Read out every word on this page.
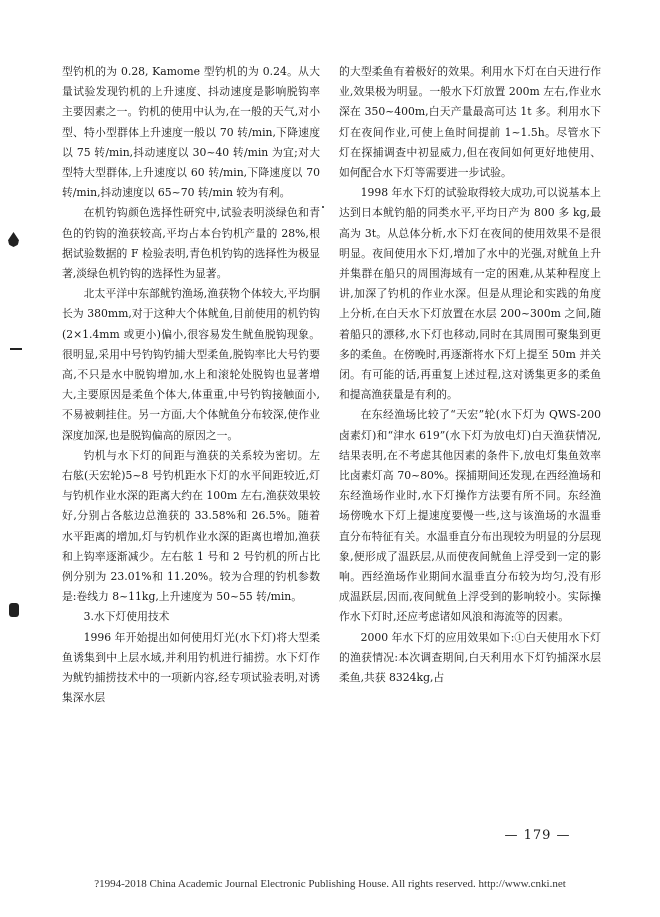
型钓机的为 0.28, Kamome 型钓机的为 0.24。从大量试验发现钓机的上升速度、抖动速度是影响脱钩率主要因素之一。钓机的使用中认为,在一般的天气,对小型、特小型群体上升速度一般以 70 转/min,下降速度以 75 转/min,抖动速度以 30~40 转/min 为宜;对大型特大型群体,上升速度以 60 转/min,下降速度以 70 转/min,抖动速度以 65~70 转/min 较为有利。

在机钓钩颜色选择性研究中,试验表明淡绿色和青色的钓钩的渔获较高,平均占本台钓机产量的 28%,根据试验数据的 F 检验表明,青色机钓钩的选择性为极显著,淡绿色机钓钩的选择性为显著。

北太平洋中东部鱿钓渔场,渔获物个体较大,平均胴长为 380mm,对于这种大个体鱿鱼,目前使用的机钓钩(2×1.4mm 或更小)偏小,很容易发生鱿鱼脱钩现象。很明显,采用中号钓钩钓捕大型柔鱼,脱钩率比大号钓要高,不只是水中脱钩增加,水上和滚轮处脱钩也显著增大,主要原因是柔鱼个体大,体重重,中号钓钩接触面小,不易被刺挂住。另一方面,大个体鱿鱼分布较深,使作业深度加深,也是脱钩偏高的原因之一。

钓机与水下灯的间距与渔获的关系较为密切。左右舷(天宏轮)5~8 号钓机距水下灯的水平间距较近,灯与钓机作业水深的距离大约在 100m 左右,渔获效果较好,分别占各舷边总渔获的 33.58%和 26.5%。随着水平距离的增加,灯与钓机作业水深的距离也增加,渔获和上钩率逐渐减少。左右舷 1 号和 2 号钓机的所占比例分别为 23.01%和 11.20%。较为合理的钓机参数是:卷线力 8~11kg,上升速度为 50~55 转/min。

3.水下灯使用技术

1996 年开始提出如何使用灯光(水下灯)将大型柔鱼诱集到中上层水域,并利用钓机进行捕捞。水下灯作为鱿钓捕捞技术中的一项新内容,经专项试验表明,对诱集深水层

的大型柔鱼有着极好的效果。利用水下灯在白天进行作业,效果极为明显。一般水下灯放置 200m 左右,作业水深在 350~400m,白天产量最高可达 1t 多。利用水下灯在夜间作业,可使上鱼时间提前 1~1.5h。尽管水下灯在探捕调查中初显威力,但在夜间如何更好地使用、如何配合水下灯等需要进一步试验。

1998 年水下灯的试验取得较大成功,可以说基本上达到日本鱿钓船的同类水平,平均日产为 800 多 kg,最高为 3t。从总体分析,水下灯在夜间的使用效果不是很明显。夜间使用水下灯,增加了水中的光强,对鱿鱼上升并集群在船只的周围海域有一定的困难,从某种程度上讲,加深了钓机的作业水深。但是从理论和实践的角度上分析,在白天水下灯放置在水层 200~300m 之间,随着船只的漂移,水下灯也移动,同时在其周围可聚集到更多的柔鱼。在傍晚时,再逐渐将水下灯上提至 50m 并关闭。有可能的话,再重复上述过程,这对诱集更多的柔鱼和提高渔获量是有利的。

在东经渔场比较了“天宏”轮(水下灯为 QWS-200 卤素灯)和“津水 619”(水下灯为放电灯)白天渔获情况,结果表明,在不考虑其他因素的条件下,放电灯集鱼效率比卤素灯高 70~80%。探捕期间还发现,在西经渔场和东经渔场作业时,水下灯操作方法要有所不同。东经渔场傍晚水下灯上提速度要慢一些,这与该渔场的水温垂直分布特征有关。水温垂直分布出现较为明显的分层现象,便形成了温跃层,从而使夜间鱿鱼上浮受到一定的影响。西经渔场作业期间水温垂直分布较为均匀,没有形成温跃层,因而,夜间鱿鱼上浮受到的影响较小。实际操作水下灯时,还应考虑诸如风浪和海流等的因素。

2000 年水下灯的应用效果如下:①白天使用水下灯的渔获情况:本次调查期间,白天利用水下灯钓捕深水层柔鱼,共获 8324kg,占

— 179 —
?1994-2018 China Academic Journal Electronic Publishing House. All rights reserved. http://www.cnki.net
